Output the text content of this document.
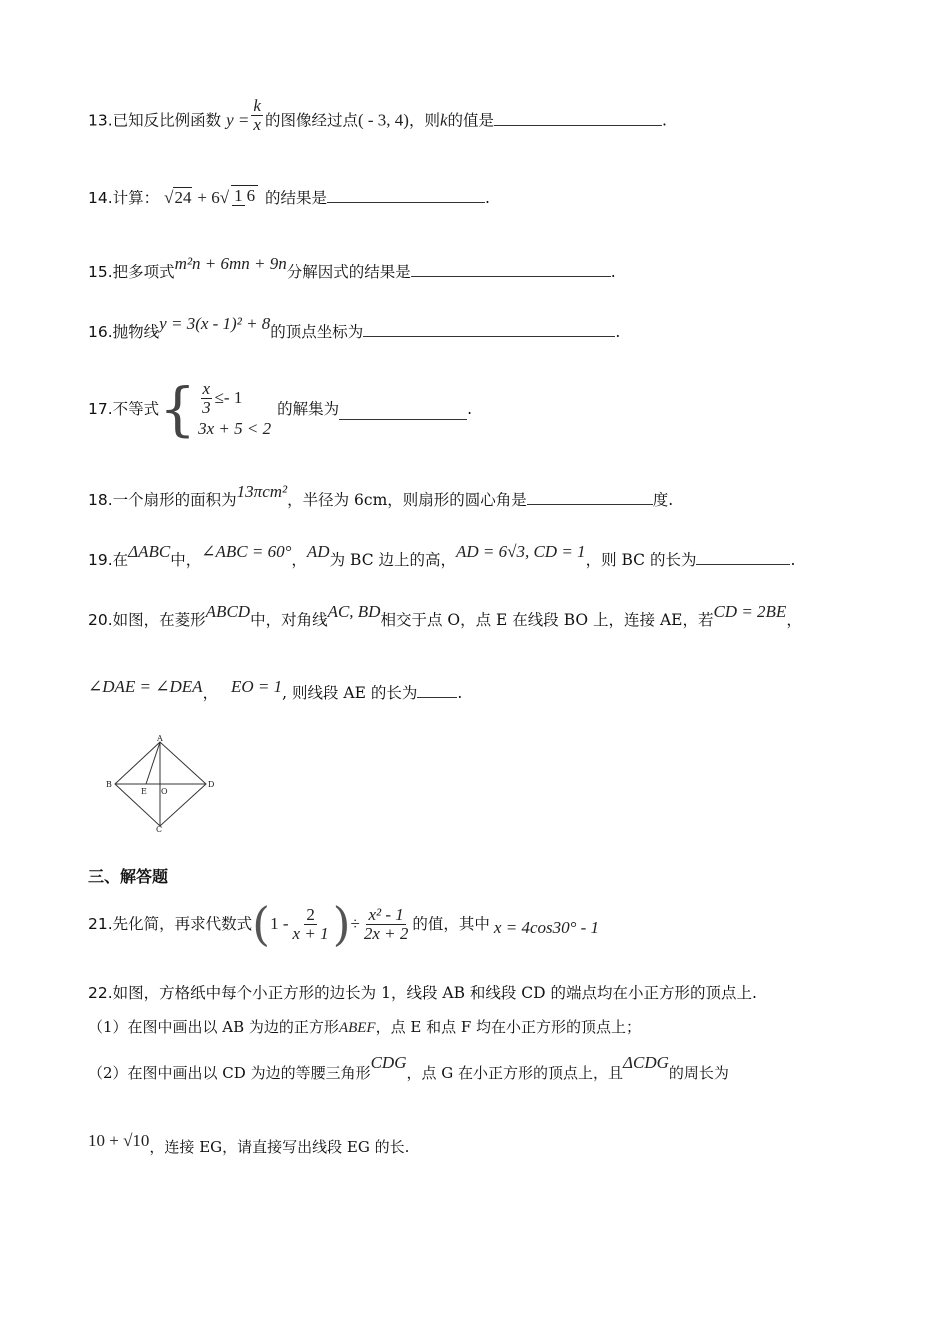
13.已知反比例函数 $y = \frac{k}{x}$ 的图像经过点( - 3, 4)，则k的值是	.
14.计算： √24 + 6√ 1 6 的结果是	.
15.把多项式m²n + 6mn + 9n分解因式的结果是	.
16.抛物线y = 3(x - 1)² + 8的顶点坐标为	.
17. 不等式 { $\frac{x}{3} \le- 1$
3x + 5 < 2
的解集为	.
18.一个扇形的面积为13πcm²，半径为 6cm，则扇形的圆心角是	度.
19.在ΔABC中，∠ABC = 60°，AD为 BC 边上的高，AD = 6√3, CD = 1，则 BC 的长为	.
20.如图，在菱形ABCD中，对角线AC, BD相交于点 O，点 E 在线段 BO 上，连接 AE，若CD = 2BE，
∠DAE = ∠DEA， EO = 1, 则线段 AE 的长为	.
A
B
C
D
E O
三、解答题
21. 先化简，再求代数式 ( $1 - \frac{2}{x + 1}$ ) ÷ $\frac{\text{x² - 1}}{2x + 2}$ 的值，其中 x = 4cos30° - 1
22.如图，方格纸中每个小正方形的边长为 1，线段 AB 和线段 CD 的端点均在小正方形的顶点上.
（1）在图中画出以 AB 为边的正方形ABEF，点 E 和点 F 均在小正方形的顶点上；
（2）在图中画出以 CD 为边的等腰三角形CDG，点 G 在小正方形的顶点上，且ΔCDG的周长为
10 + √10，连接 EG，请直接写出线段 EG 的长.
